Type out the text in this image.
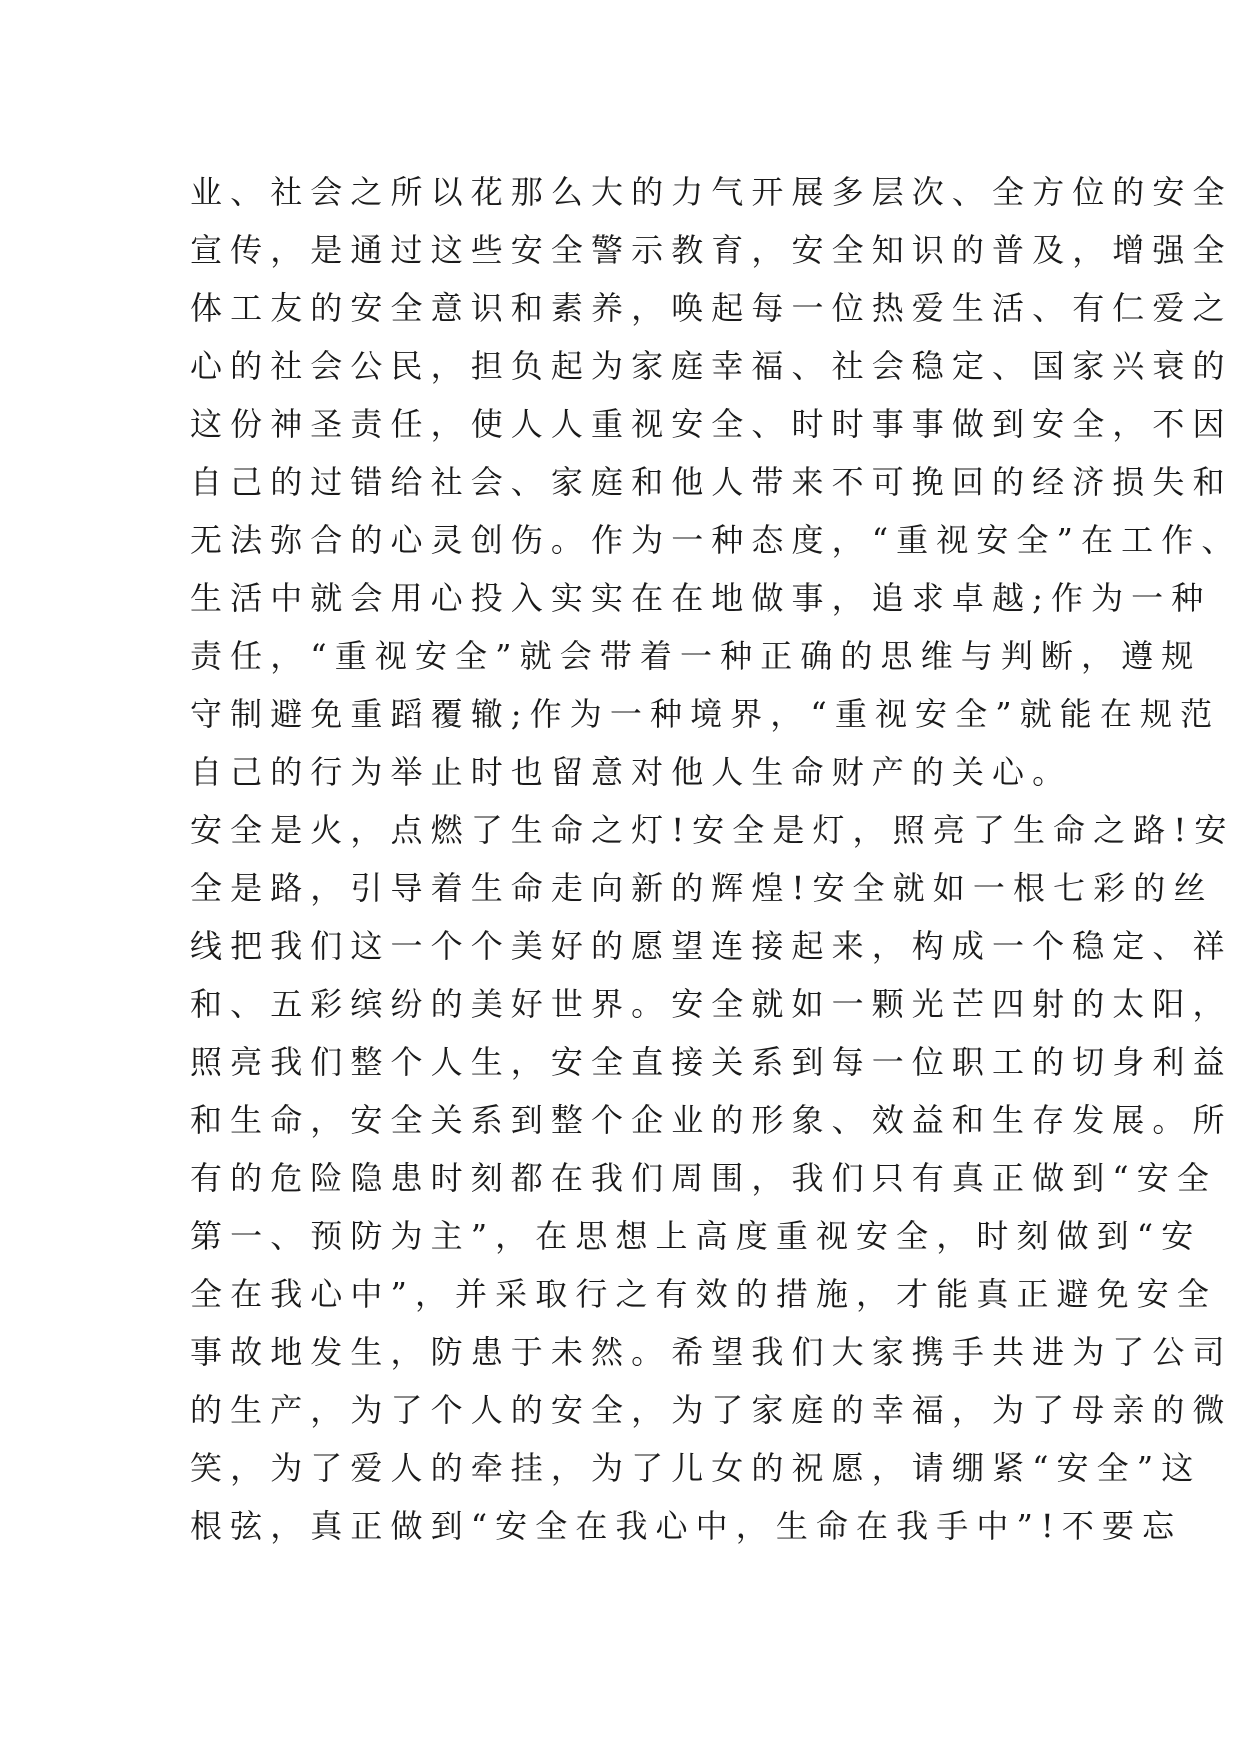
业、社会之所以花那么大的力气开展多层次、全方位的安全
宣传，是通过这些安全警示教育，安全知识的普及，增强全
体工友的安全意识和素养，唤起每一位热爱生活、有仁爱之
心的社会公民，担负起为家庭幸福、社会稳定、国家兴衰的
这份神圣责任，使人人重视安全、时时事事做到安全，不因
自己的过错给社会、家庭和他人带来不可挽回的经济损失和
无法弥合的心灵创伤。作为一种态度，“重视安全”在工作、
生活中就会用心投入实实在在地做事，追求卓越;作为一种
责任，“重视安全”就会带着一种正确的思维与判断，遵规
守制避免重蹈覆辙;作为一种境界，“重视安全”就能在规范
自己的行为举止时也留意对他人生命财产的关心。
安全是火，点燃了生命之灯!安全是灯，照亮了生命之路!安
全是路，引导着生命走向新的辉煌!安全就如一根七彩的丝
线把我们这一个个美好的愿望连接起来，构成一个稳定、祥
和、五彩缤纷的美好世界。安全就如一颗光芒四射的太阳，
照亮我们整个人生，安全直接关系到每一位职工的切身利益
和生命，安全关系到整个企业的形象、效益和生存发展。所
有的危险隐患时刻都在我们周围，我们只有真正做到“安全
第一、预防为主”，在思想上高度重视安全，时刻做到“安
全在我心中”，并采取行之有效的措施，才能真正避免安全
事故地发生，防患于未然。希望我们大家携手共进为了公司
的生产，为了个人的安全，为了家庭的幸福，为了母亲的微
笑，为了爱人的牵挂，为了儿女的祝愿，请绷紧“安全”这
根弦，真正做到“安全在我心中，生命在我手中”!不要忘
